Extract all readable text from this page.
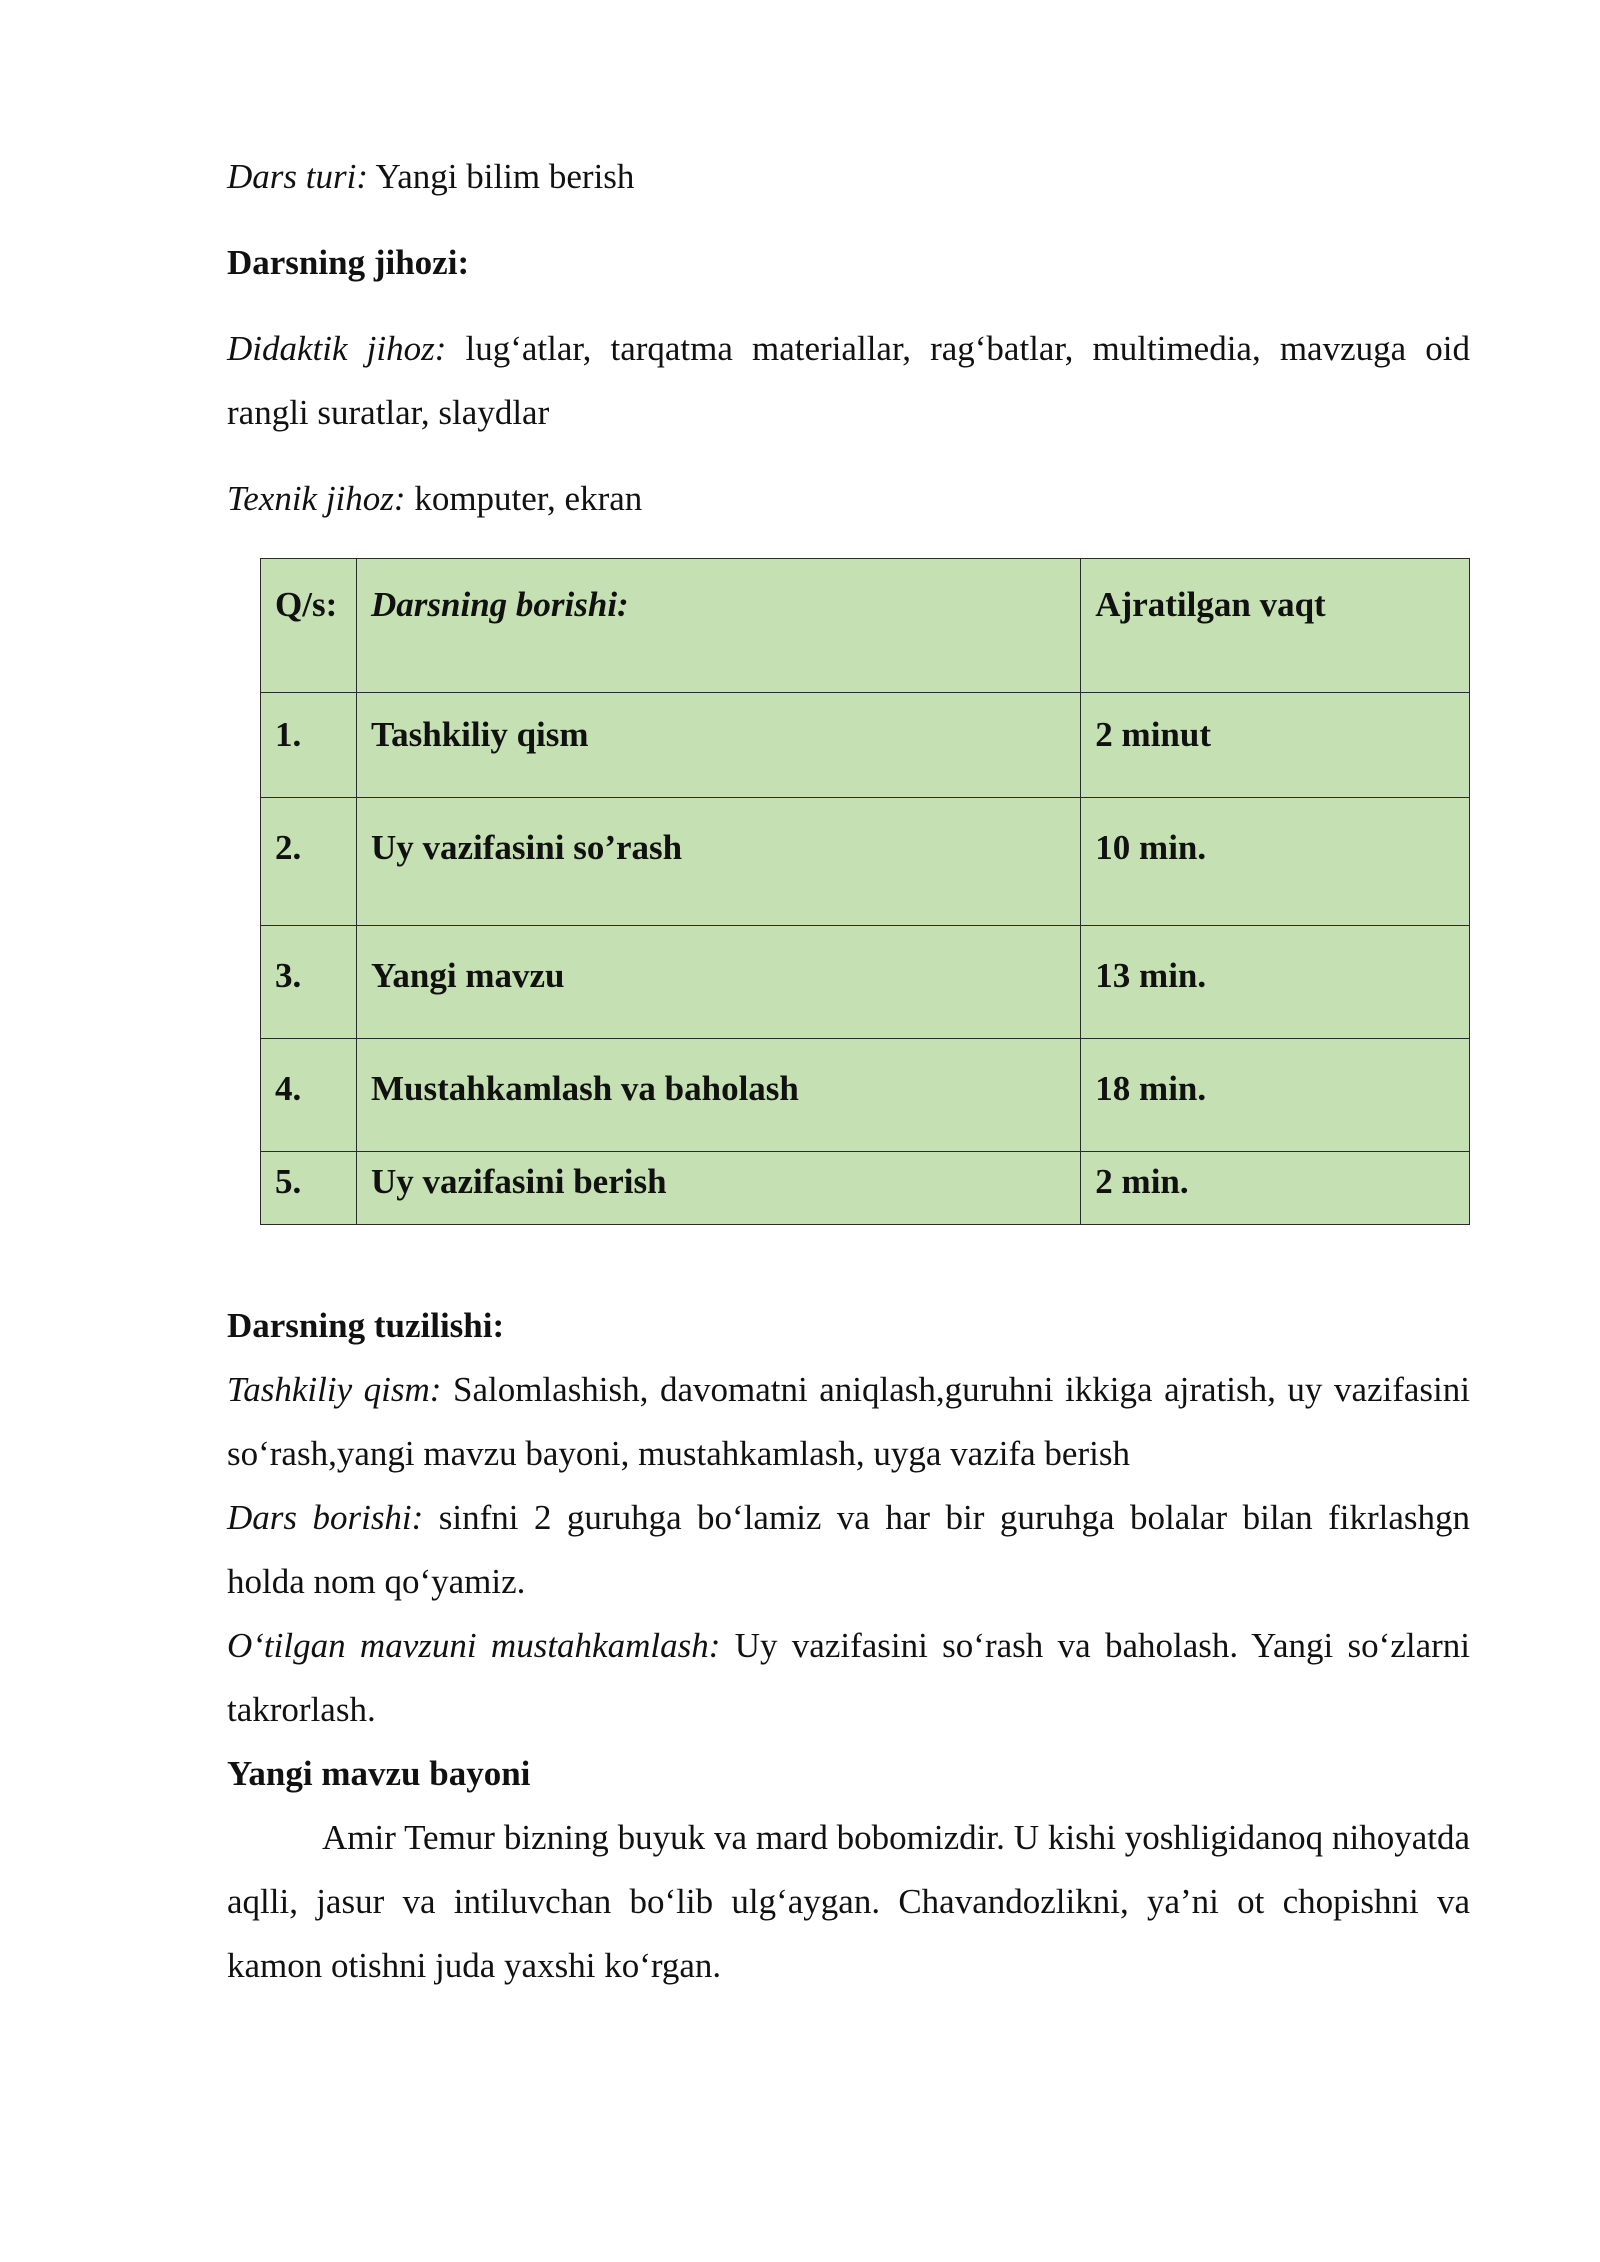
Dars turi: Yangi bilim berish

Darsning jihozi:

Didaktik jihoz: lug‘atlar, tarqatma materiallar, rag‘batlar, multimedia, mavzuga oid rangli suratlar, slaydlar

Texnik jihoz: komputer, ekran

Q/s:	Darsning borishi:	Ajratilgan vaqt
1.	Tashkiliy qism	2 minut
2.	Uy vazifasini so’rash	10 min.
3.	Yangi mavzu	13 min.
4.	Mustahkamlash va baholash	18 min.
5.	Uy vazifasini berish	2 min.

Darsning tuzilishi:

Tashkiliy qism: Salomlashish, davomatni aniqlash,guruhni ikkiga ajratish, uy vazifasini so‘rash,yangi mavzu bayoni, mustahkamlash, uyga vazifa berish

Dars borishi: sinfni 2 guruhga bo‘lamiz va har bir guruhga bolalar bilan fikrlashgn holda nom qo‘yamiz.

O‘tilgan mavzuni mustahkamlash: Uy vazifasini so‘rash va baholash. Yangi so‘zlarni takrorlash.

Yangi mavzu bayoni

Amir Temur bizning buyuk va mard bobomizdir. U kishi yoshligidanoq nihoyatda aqlli, jasur va intiluvchan bo‘lib ulg‘aygan. Chavandozlikni, ya’ni ot chopishni va kamon otishni juda yaxshi ko‘rgan.
